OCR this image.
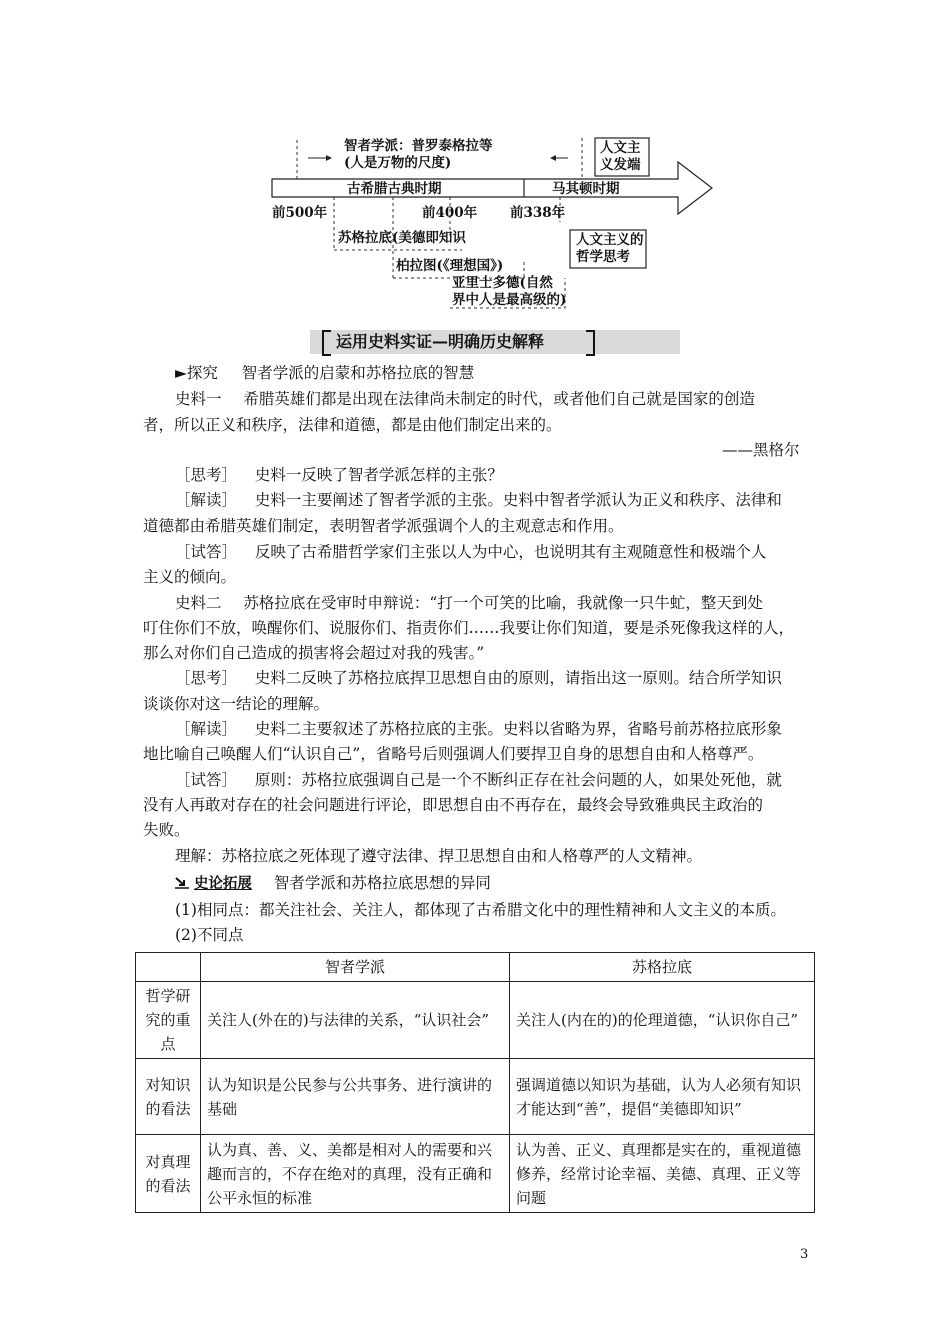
智者学派：普罗泰格拉等
(人是万物的尺度)
人文主
义发端
古希腊古典时期	马其顿时期
前500年	前400年 前338年
苏格拉底(美德即知识
柏拉图(《理想国》)
亚里士多德(自然
界中人是最高级的)
人文主义的
哲学思考
运用史料实证—明确历史解释
►探究 智者学派的启蒙和苏格拉底的智慧
史料一 希腊英雄们都是出现在法律尚未制定的时代，或者他们自己就是国家的创造
者，所以正义和秩序，法律和道德，都是由他们制定出来的。
——黑格尔
［思考］ 史料一反映了智者学派怎样的主张？
［解读］ 史料一主要阐述了智者学派的主张。史料中智者学派认为正义和秩序、法律和
道德都由希腊英雄们制定，表明智者学派强调个人的主观意志和作用。
［试答］ 反映了古希腊哲学家们主张以人为中心，也说明其有主观随意性和极端个人
主义的倾向。
史料二 苏格拉底在受审时申辩说：“打一个可笑的比喻，我就像一只牛虻，整天到处
叮住你们不放，唤醒你们、说服你们、指责你们……我要让你们知道，要是杀死像我这样的人，
那么对你们自己造成的损害将会超过对我的残害。”
［思考］ 史料二反映了苏格拉底捍卫思想自由的原则，请指出这一原则。结合所学知识
谈谈你对这一结论的理解。
［解读］ 史料二主要叙述了苏格拉底的主张。史料以省略为界，省略号前苏格拉底形象
地比喻自己唤醒人们“认识自己”，省略号后则强调人们要捍卫自身的思想自由和人格尊严。
［试答］ 原则：苏格拉底强调自己是一个不断纠正存在社会问题的人，如果处死他，就
没有人再敢对存在的社会问题进行评论，即思想自由不再存在，最终会导致雅典民主政治的
失败。
理解：苏格拉底之死体现了遵守法律、捍卫思想自由和人格尊严的人文精神。
史论拓展 智者学派和苏格拉底思想的异同
(1)相同点：都关注社会、关注人，都体现了古希腊文化中的理性精神和人文主义的本质。
(2)不同点
	智者学派	苏格拉底
哲学研究的重点	关注人(外在的)与法律的关系，“认识社会”	关注人(内在的)的伦理道德，“认识你自己”
对知识的看法	认为知识是公民参与公共事务、进行演讲的基础	强调道德以知识为基础，认为人必须有知识才能达到“善”，提倡“美德即知识”
对真理的看法	认为真、善、义、美都是相对人的需要和兴趣而言的，不存在绝对的真理，没有正确和公平永恒的标准	认为善、正义、真理都是实在的，重视道德修养，经常讨论幸福、美德、真理、正义等问题
3
